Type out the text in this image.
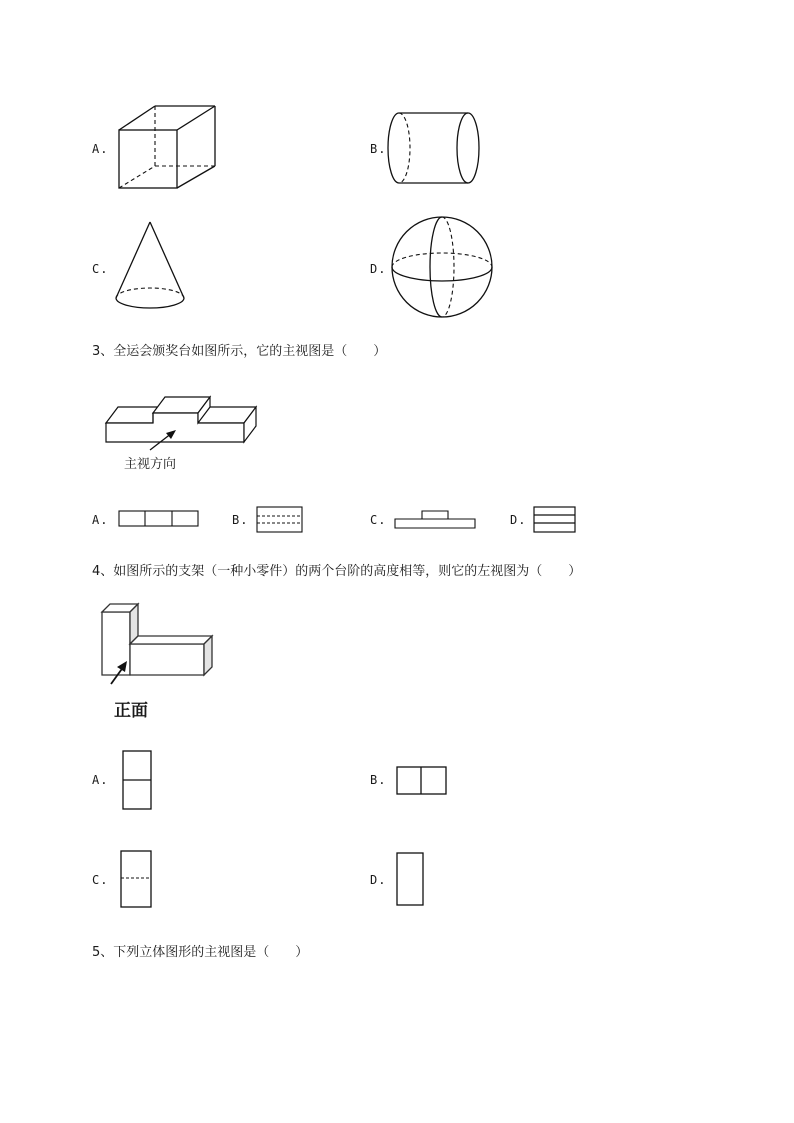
A.	B.
C.	D.
3、全运会颁奖台如图所示，它的主视图是（　　）
主视方向
A.	B.	C.	D.
4、如图所示的支架（一种小零件）的两个台阶的高度相等，则它的左视图为（　　）
正面
A.	B.
C.	D.
5、下列立体图形的主视图是（　　）
